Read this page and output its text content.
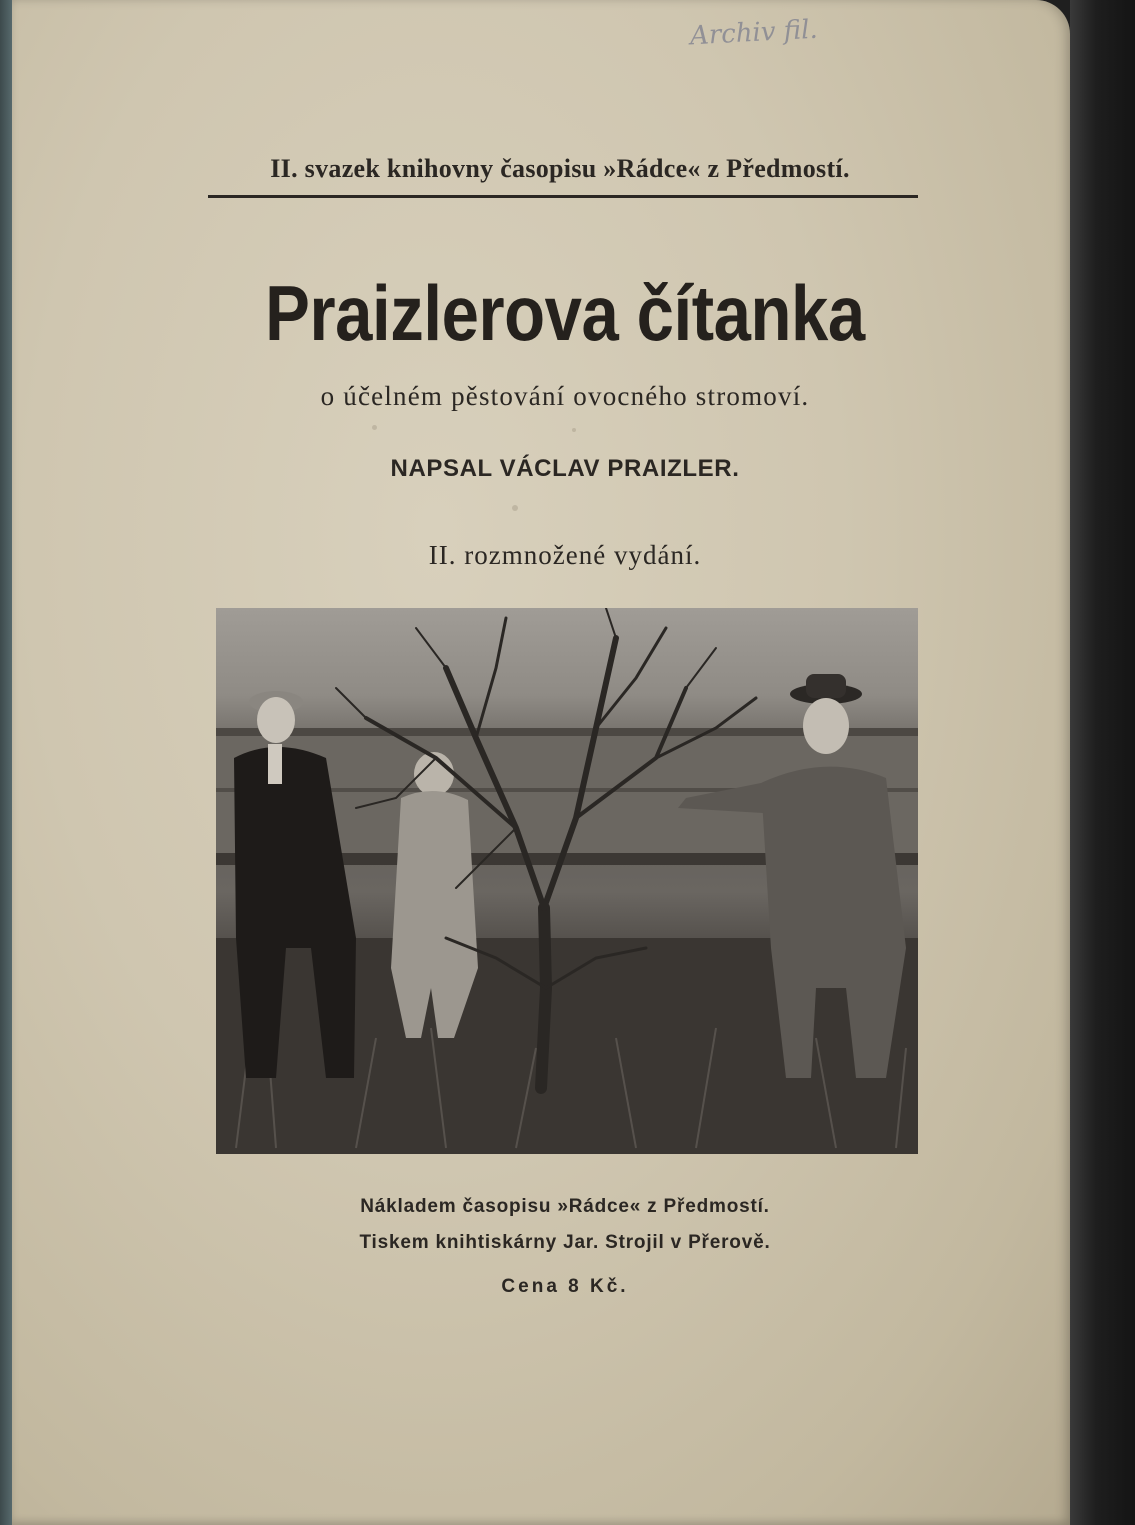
Archiv fil.
II. svazek knihovny časopisu »Rádce« z Předmostí.
Praizlerova čítanka
o účelném pěstování ovocného stromoví.
NAPSAL VÁCLAV PRAIZLER.
II. rozmnožené vydání.
Nákladem časopisu »Rádce« z Předmostí.
Tiskem knihtiskárny Jar. Strojil v Přerově.
Cena 8 Kč.
